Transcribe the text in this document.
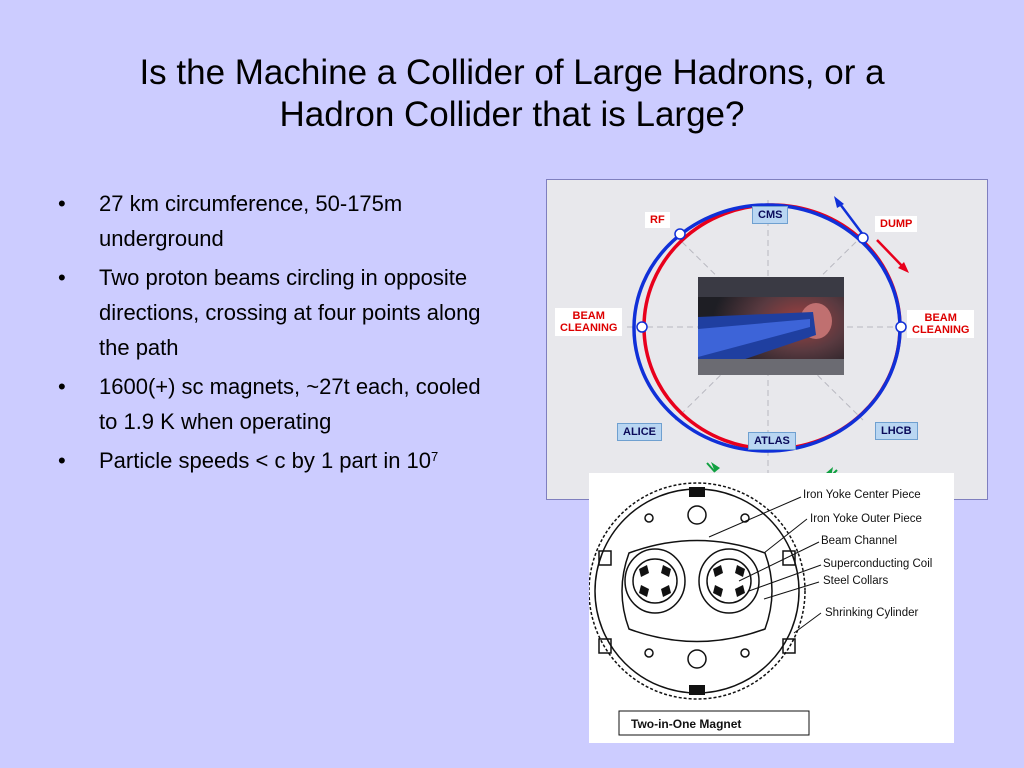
Is the Machine a Collider of Large Hadrons, or a
Hadron Collider that is Large?
• 27 km circumference, 50-175m underground
• Two proton beams circling in opposite directions, crossing at four points along the path
• 1600(+) sc magnets, ~27t each, cooled to 1.9 K when operating
• Particle speeds < c by 1 part in $10^7$
CMS
RF	DUMP
BEAM
CLEANING
BEAM
CLEANING
ALICE
ATLAS
LHCB
Iron Yoke Center Piece
Iron Yoke Outer Piece
Beam Channel
Superconducting Coil
Steel Collars
Shrinking Cylinder
Two-in-One Magnet
